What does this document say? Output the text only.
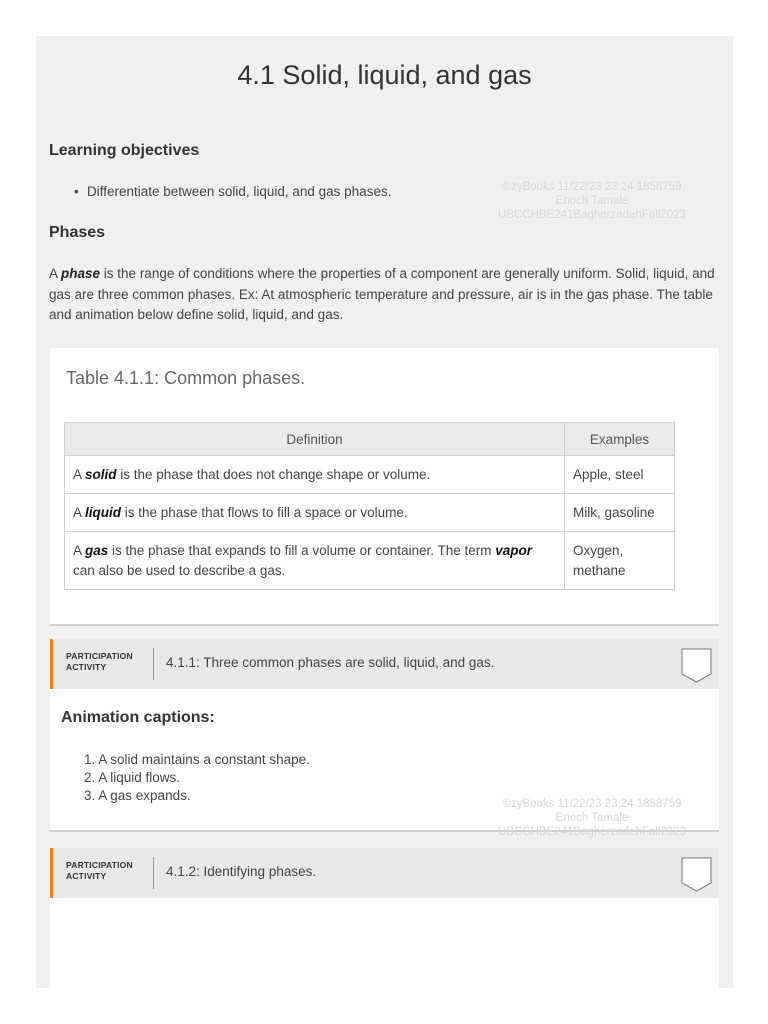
4.1 Solid, liquid, and gas
Learning objectives
• Differentiate between solid, liquid, and gas phases.	©zyBooks 11/22/23 23:24 1858759
Enoch Tamale
UBCCHBE241BagherzadehFall2023
Phases

A phase is the range of conditions where the properties of a component are generally uniform. Solid, liquid, and gas are three common phases. Ex: At atmospheric temperature and pressure, air is in the gas phase. The table and animation below define solid, liquid, and gas.

Table 4.1.1: Common phases.
Definition	Examples
A solid is the phase that does not change shape or volume.	Apple, steel
A liquid is the phase that flows to fill a space or volume.	Milk, gasoline
A gas is the phase that expands to fill a volume or container. The term vapor can also be used to describe a gas.	Oxygen, methane
PARTICIPATION
ACTIVITY	4.1.1: Three common phases are solid, liquid, and gas.
Animation captions:
1. A solid maintains a constant shape.
2. A liquid flows.
3. A gas expands.
©zyBooks 11/22/23 23:24 1858759
Enoch Tamale
UBCCHBE241BagherzadehFall2023
PARTICIPATION
ACTIVITY	4.1.2: Identifying phases.
